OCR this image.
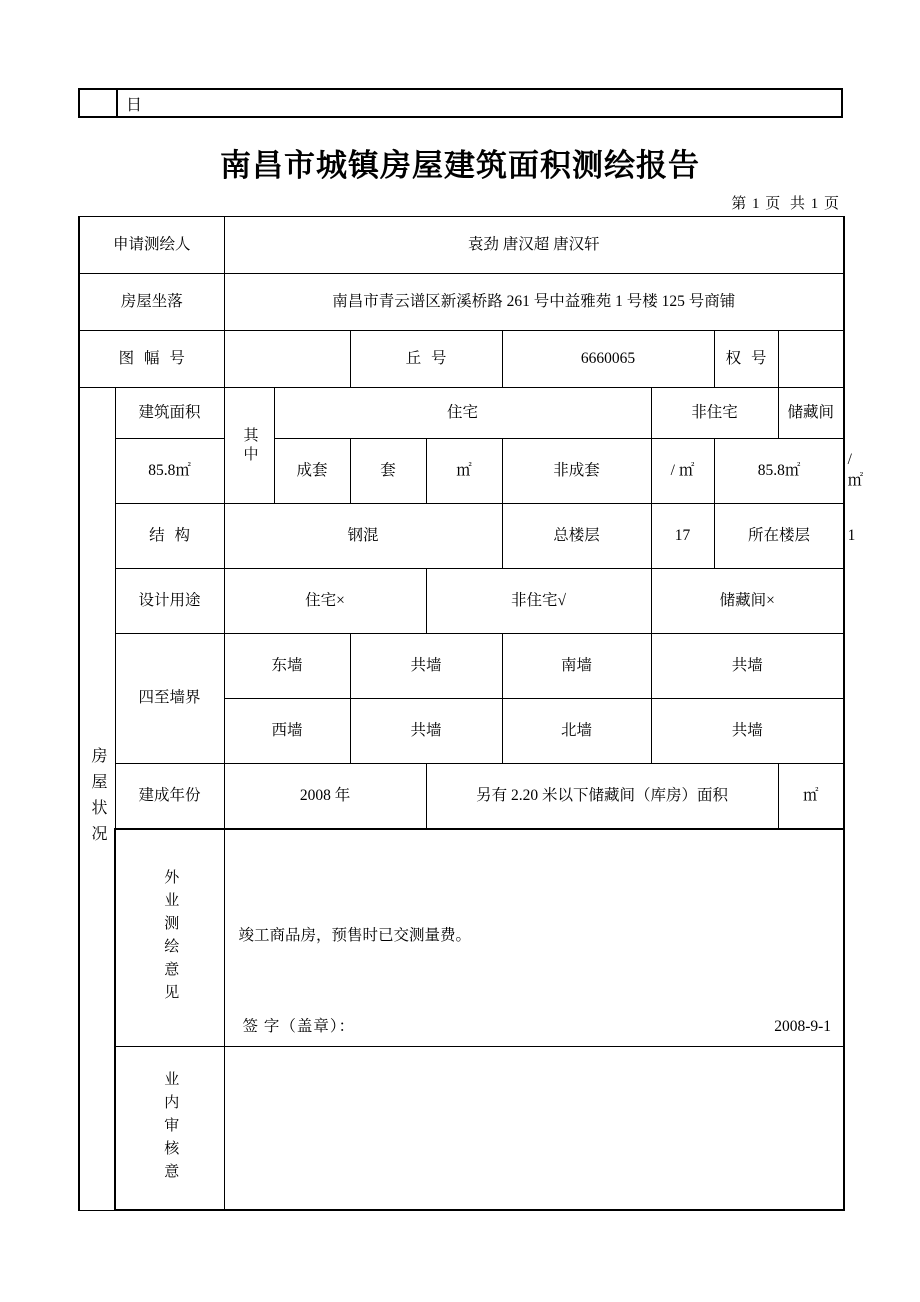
日
南昌市城镇房屋建筑面积测绘报告
第 1 页 共 1 页
申请测绘人		袁劲 唐汉超 唐汉轩								
房屋坐落		南昌市青云谱区新溪桥路 261 号中益雅苑 1 号楼 125 号商铺								
图 幅 号				丘 号		6660065		权 号		

房屋状况	建筑面积	其中	住宅				非住宅		储藏间	
	85.8㎡		成套	套	㎡	非成套	/ ㎡	85.8㎡		/ ㎡
	结 构	钢混				总楼层	17	所在楼层		1
	设计用途	住宅×			非住宅√		储藏间×			
	四至墙界	东墙		共墙		南墙	共墙			
		西墙		共墙		北墙	共墙			
	建成年份	2008 年			另有 2.20 米以下储藏间（库房）面积				㎡	

	外业测绘意见	竣工商品房，预售时已交测量费。
签 字（盖章）： 2008-9-1								

	业内审核意									
